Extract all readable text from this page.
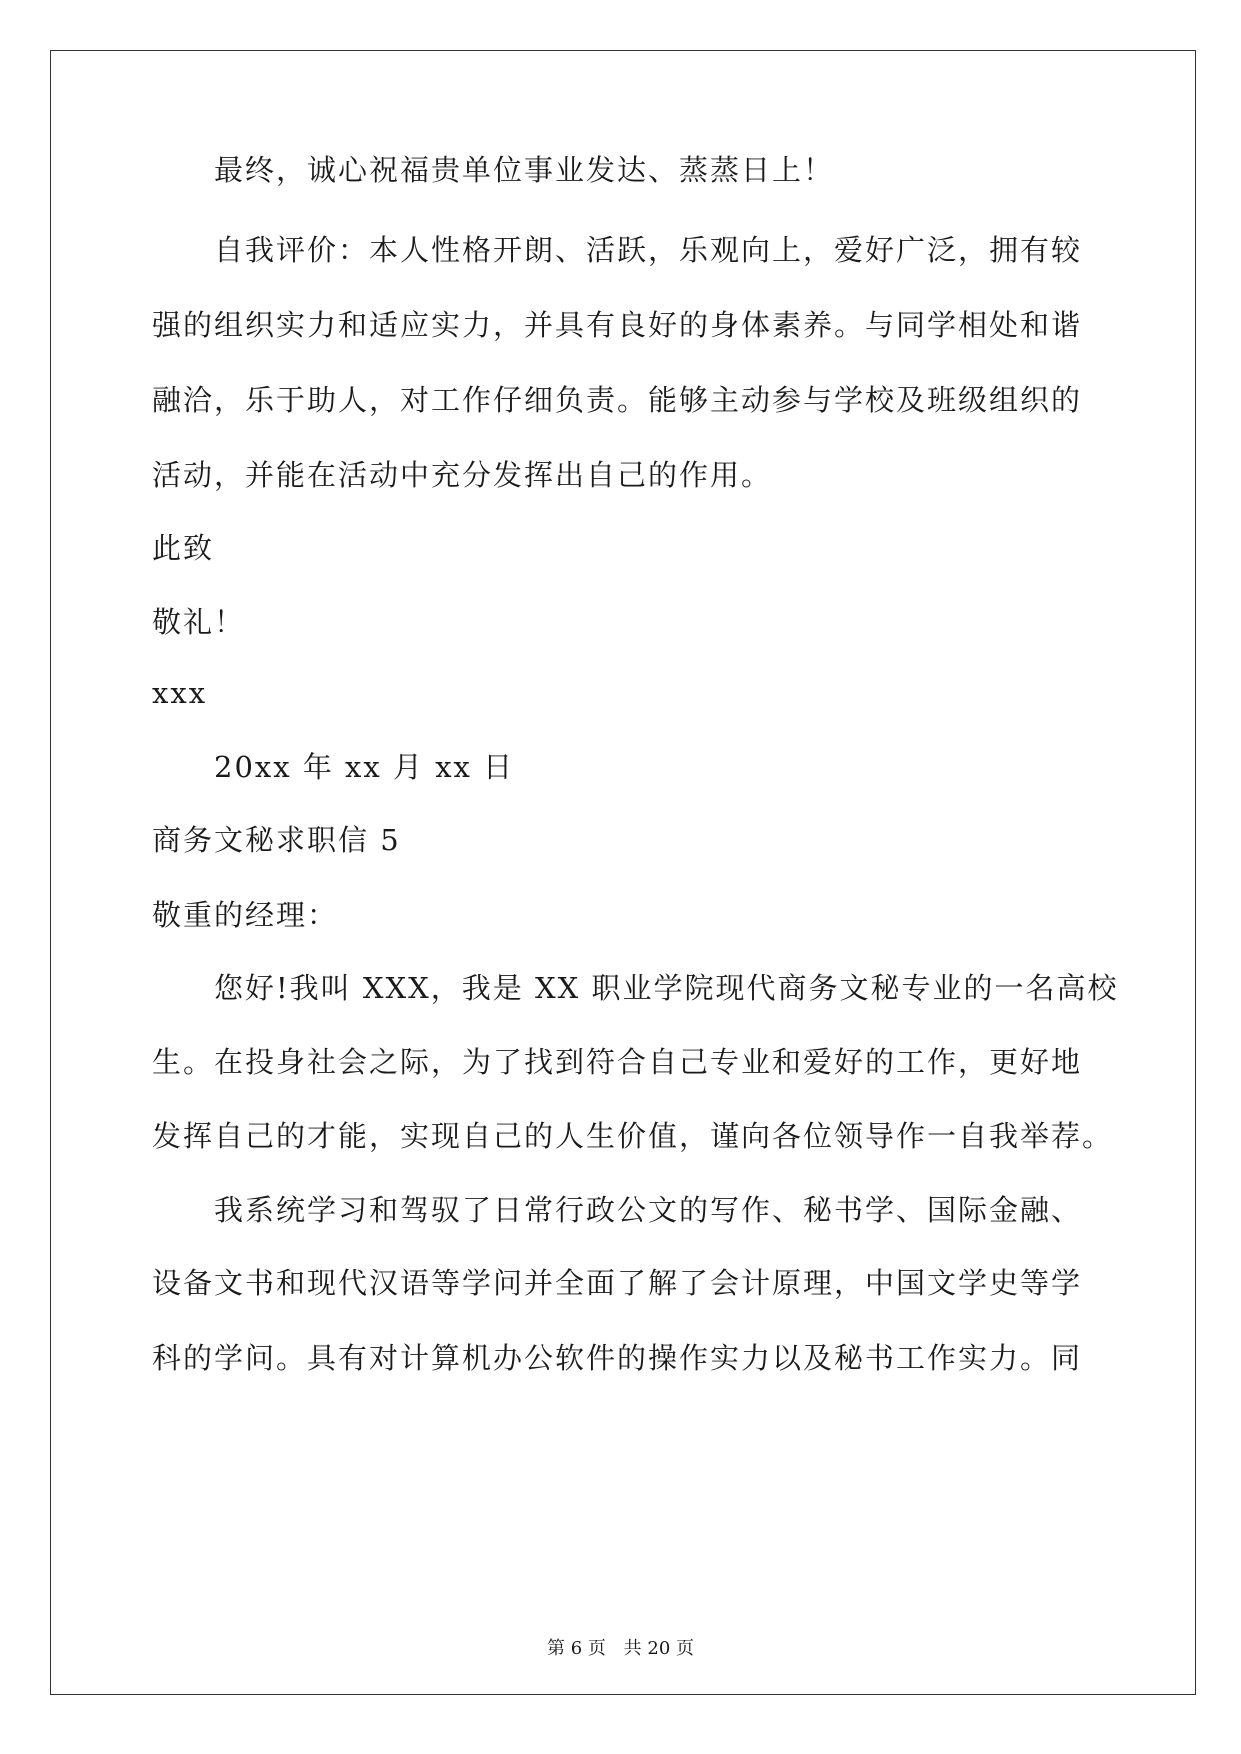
最终，诚心祝福贵单位事业发达、蒸蒸日上！
自我评价：本人性格开朗、活跃，乐观向上，爱好广泛，拥有较
强的组织实力和适应实力，并具有良好的身体素养。与同学相处和谐
融洽，乐于助人，对工作仔细负责。能够主动参与学校及班级组织的
活动，并能在活动中充分发挥出自己的作用。
此致
敬礼！
xxx
20xx 年 xx 月 xx 日
商务文秘求职信 5
敬重的经理：
您好!我叫 XXX，我是 XX 职业学院现代商务文秘专业的一名高校
生。在投身社会之际，为了找到符合自己专业和爱好的工作，更好地
发挥自己的才能，实现自己的人生价值，谨向各位领导作一自我举荐。
我系统学习和驾驭了日常行政公文的写作、秘书学、国际金融、
设备文书和现代汉语等学问并全面了解了会计原理，中国文学史等学
科的学问。具有对计算机办公软件的操作实力以及秘书工作实力。同
第 6 页 共 20 页
